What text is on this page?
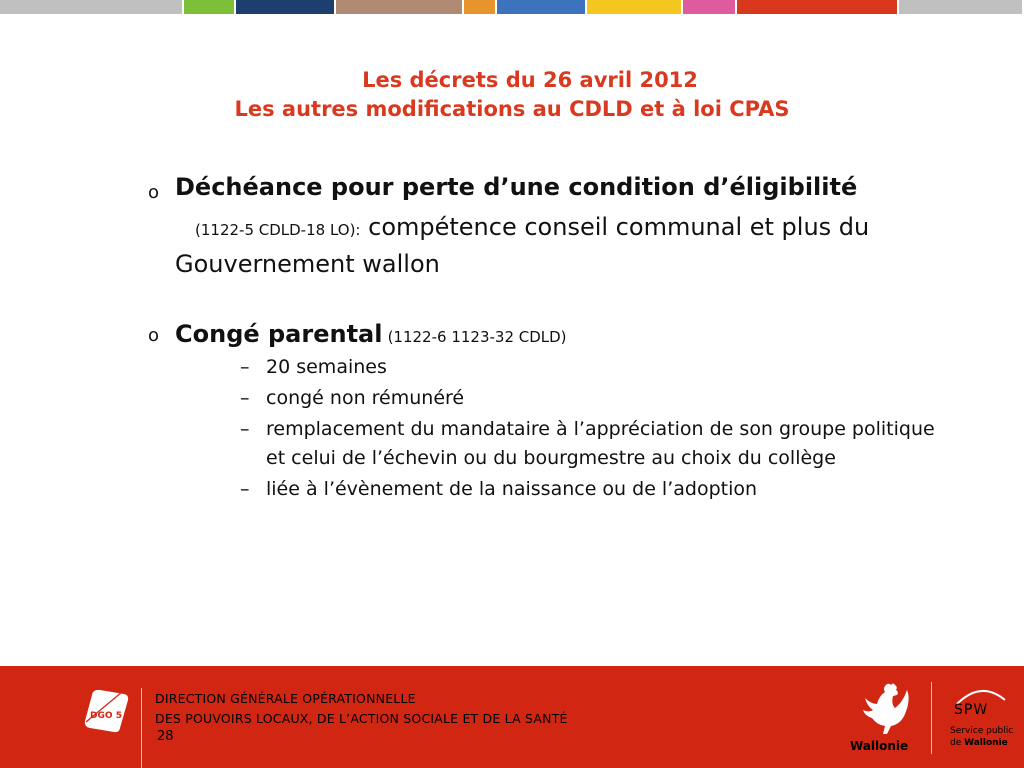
Les décrets du 26 avril 2012
Les autres modifications au CDLD et à loi CPAS
o Déchéance pour perte d’une condition d’éligibilité
(1122-5 CDLD-18 LO): compétence conseil communal et plus du Gouvernement wallon
o Congé parental (1122-6 1123-32 CDLD)
– 20 semaines
– congé non rémunéré
– remplacement du mandataire à l’appréciation de son groupe politique et celui de l’échevin ou du bourgmestre au choix du collège
– liée à l’évènement de la naissance ou de l’adoption
DGO 5
DIRECTION GÉNÉRALE OPÉRATIONNELLE
DES POUVOIRS LOCAUX, DE L’ACTION SOCIALE ET DE LA SANTÉ
28
Wallonie
SPW
Service public
de Wallonie
